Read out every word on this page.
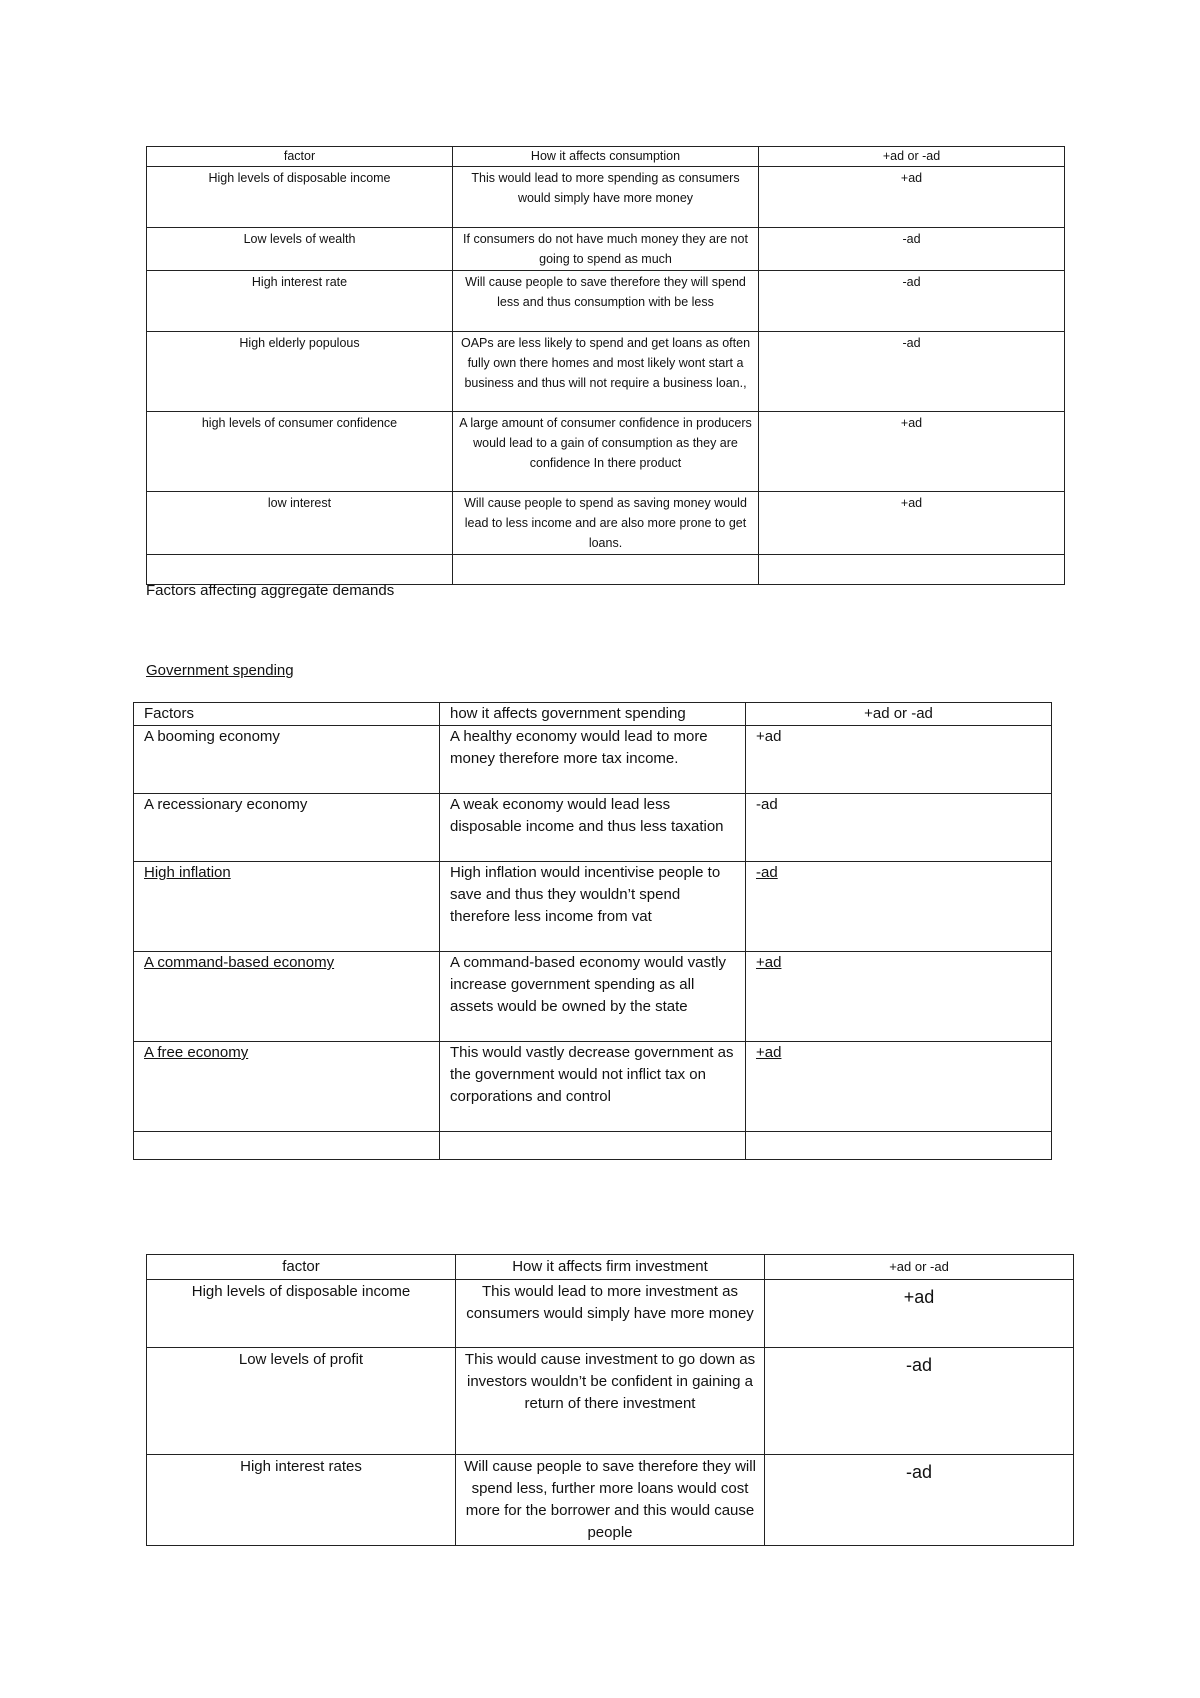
factor	How it affects consumption	+ad or -ad
High levels of disposable income	This would lead to more spending as consumers would simply have more money	+ad
Low levels of wealth	If consumers do not have much money they are not going to spend as much	-ad
High interest rate	Will cause people to save therefore they will spend less and thus consumption with be less	-ad
High elderly populous	OAPs are less likely to spend and get loans as often fully own there homes and most likely wont start a business and thus will not require a business loan.,	-ad
high levels of consumer confidence	A large amount of consumer confidence in producers would lead to a gain of consumption as they are confidence In there product	+ad
low interest	Will cause people to spend as saving money would lead to less income and are also more prone to get loans.	+ad

Factors affecting aggregate demands
Government spending
Factors	how it affects government spending	+ad or -ad
A booming economy	A healthy economy would lead to more money therefore more tax income.	+ad
A recessionary economy	A weak economy would lead less disposable income and thus less taxation	-ad
High inflation	High inflation would incentivise people to save and thus they wouldn’t spend therefore less income from vat	-ad
A command-based economy	A command-based economy would vastly increase government spending as all assets would be owned by the state	+ad
A free economy	This would vastly decrease government as the government would not inflict tax on corporations and control	+ad

factor	How it affects firm investment	+ad or -ad
High levels of disposable income	This would lead to more investment as consumers would simply have more money	+ad
Low levels of profit	This would cause investment to go down as investors wouldn’t be confident in gaining a return of there investment	-ad
High interest rates	Will cause people to save therefore they will spend less, further more loans would cost more for the borrower and this would cause people	-ad
